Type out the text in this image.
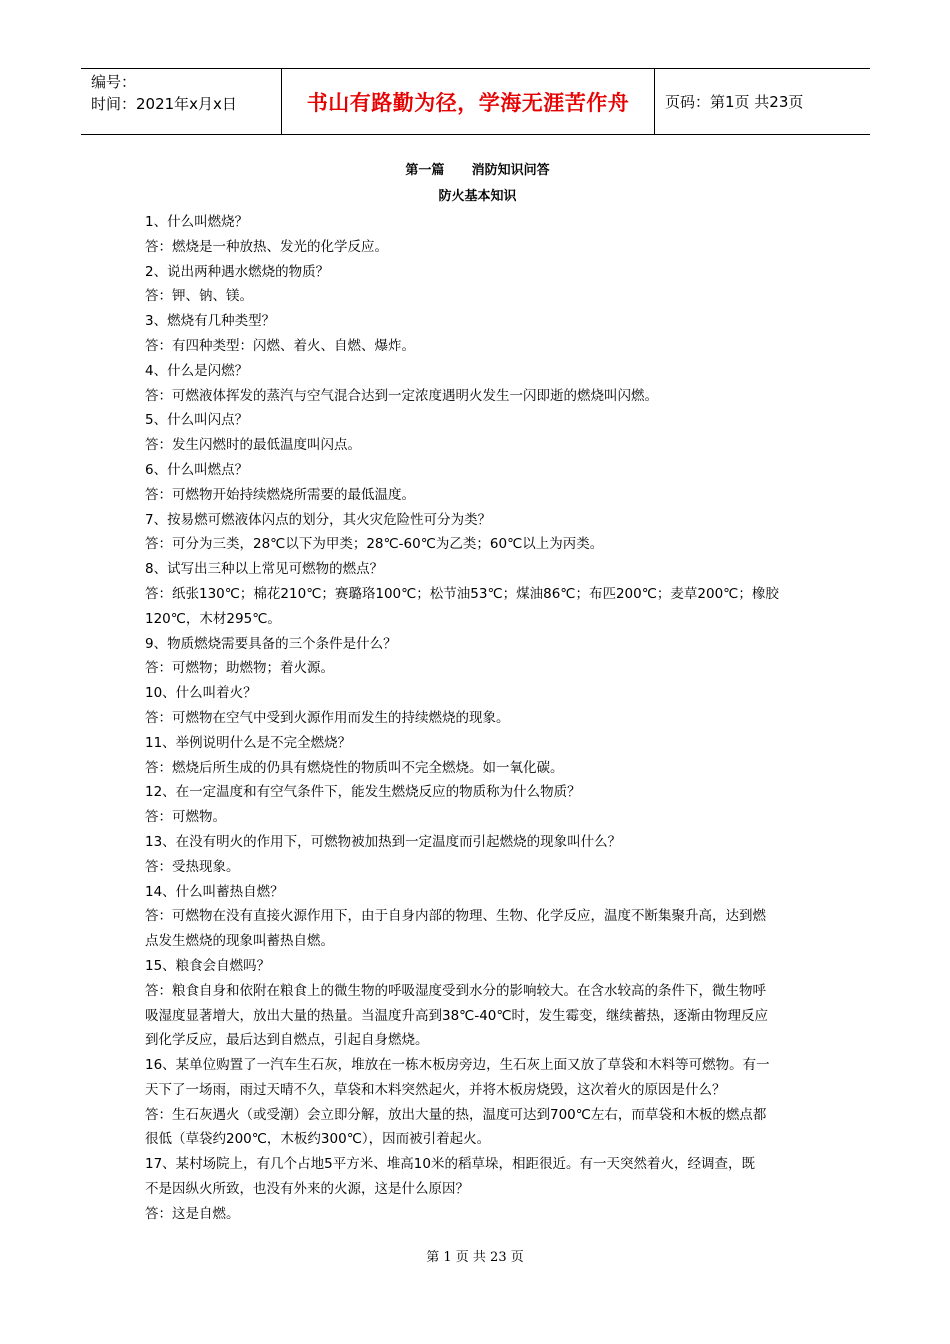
编号：
时间：2021年x月x日	书山有路勤为径，学海无涯苦作舟	页码：第1页 共23页
第一篇      消防知识问答
防火基本知识
1、什么叫燃烧？
答：燃烧是一种放热、发光的化学反应。
2、说出两种遇水燃烧的物质？
答：钾、钠、镁。
3、燃烧有几种类型？
答：有四种类型：闪燃、着火、自燃、爆炸。
4、什么是闪燃？
答：可燃液体挥发的蒸汽与空气混合达到一定浓度遇明火发生一闪即逝的燃烧叫闪燃。
5、什么叫闪点？
答：发生闪燃时的最低温度叫闪点。
6、什么叫燃点？
答：可燃物开始持续燃烧所需要的最低温度。
7、按易燃可燃液体闪点的划分，其火灾危险性可分为类？
答：可分为三类，28℃以下为甲类；28℃-60℃为乙类；60℃以上为丙类。
8、试写出三种以上常见可燃物的燃点？
答：纸张130℃；棉花210℃；赛璐珞100℃；松节油53℃；煤油86℃；布匹200℃；麦草200℃；橡胶
120℃，木材295℃。
9、物质燃烧需要具备的三个条件是什么？
答：可燃物；助燃物；着火源。
10、什么叫着火？
答：可燃物在空气中受到火源作用而发生的持续燃烧的现象。
11、举例说明什么是不完全燃烧？
答：燃烧后所生成的仍具有燃烧性的物质叫不完全燃烧。如一氧化碳。
12、在一定温度和有空气条件下，能发生燃烧反应的物质称为什么物质？
答：可燃物。
13、在没有明火的作用下，可燃物被加热到一定温度而引起燃烧的现象叫什么？
答：受热现象。
14、什么叫蓄热自燃？
答：可燃物在没有直接火源作用下，由于自身内部的物理、生物、化学反应，温度不断集聚升高，达到燃
点发生燃烧的现象叫蓄热自燃。
15、粮食会自燃吗？
答：粮食自身和依附在粮食上的微生物的呼吸湿度受到水分的影响较大。在含水较高的条件下，微生物呼
吸湿度显著增大，放出大量的热量。当温度升高到38℃-40℃时，发生霉变，继续蓄热，逐渐由物理反应
到化学反应，最后达到自燃点，引起自身燃烧。
16、某单位购置了一汽车生石灰，堆放在一栋木板房旁边，生石灰上面又放了草袋和木料等可燃物。有一
天下了一场雨，雨过天晴不久，草袋和木料突然起火，并将木板房烧毁，这次着火的原因是什么？
答：生石灰遇火（或受潮）会立即分解，放出大量的热，温度可达到700℃左右，而草袋和木板的燃点都
很低（草袋约200℃，木板约300℃），因而被引着起火。
17、某村场院上，有几个占地5平方米、堆高10米的稻草垛，相距很近。有一天突然着火，经调查，既
不是因纵火所致，也没有外来的火源，这是什么原因？
答：这是自燃。
第 1 页 共 23 页
